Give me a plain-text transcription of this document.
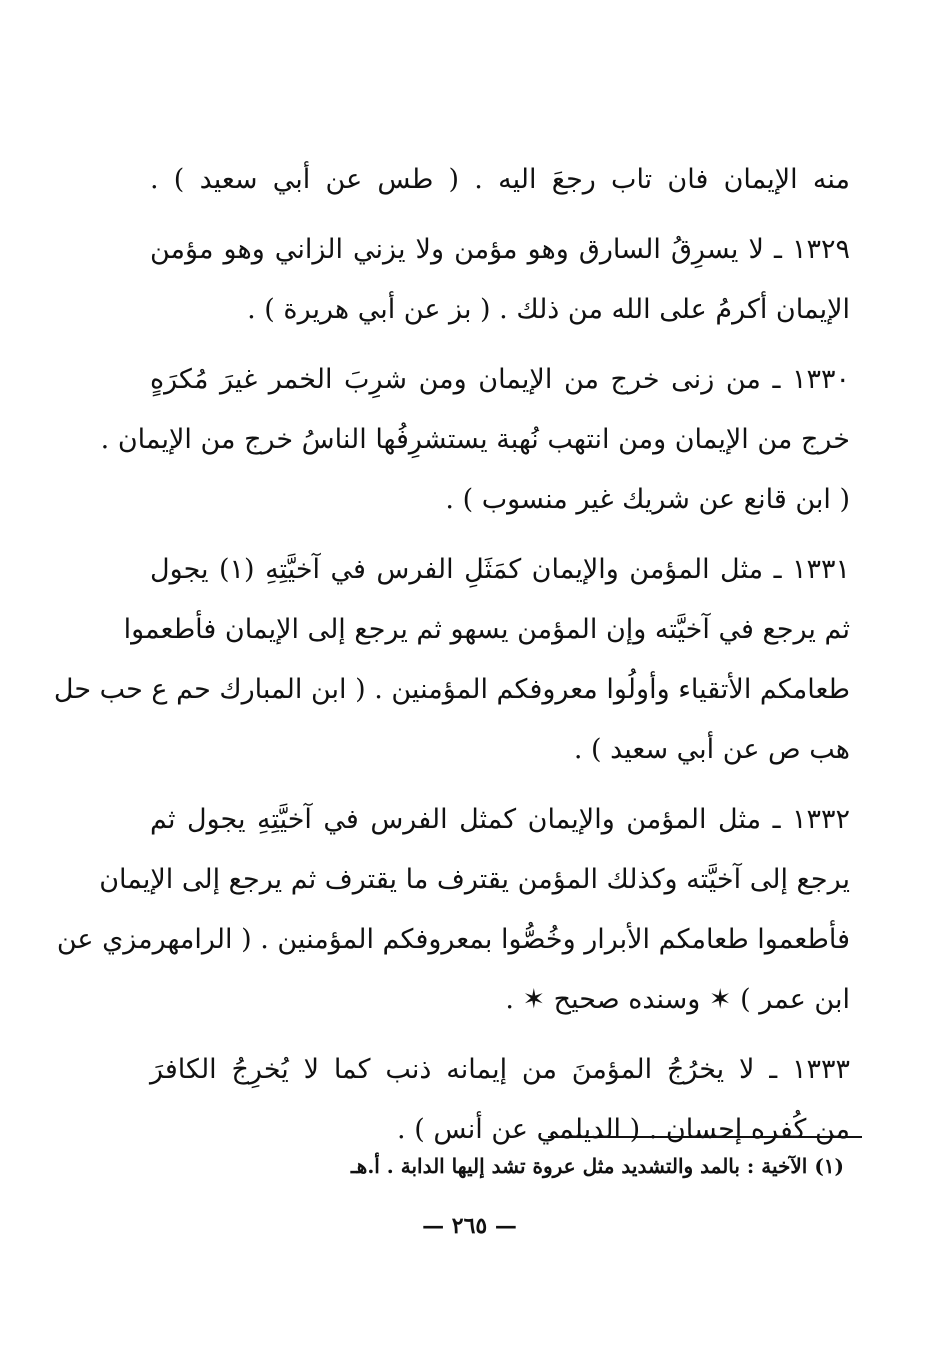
منه الإيمان فان تاب رجعَ اليه . ( طس عن أبي سعيد ) .
١٣٢٩ ـ لا يسرِقُ السارق وهو مؤمن ولا يزني الزاني وهو مؤمن
الإيمان أكرمُ على الله من ذلك . ( بز عن أبي هريرة ) .
١٣٣٠ ـ من زنى خرج من الإيمان ومن شرِبَ الخمر غيرَ مُكرَهٍ
خرج من الإيمان ومن انتهب نُهبة يستشرِفُها الناسُ خرج من الإيمان .
( ابن قانع عن شريك غير منسوب ) .
١٣٣١ ـ مثل المؤمن والإيمان كمَثَلِ الفرس في آخيَّتِهِ (١) يجول
ثم يرجع في آخيَّته وإن المؤمن يسهو ثم يرجع إلى الإيمان فأطعموا
طعامكم الأتقياء وأولُوا معروفكم المؤمنين . ( ابن المبارك حم ع حب حل
هب ص عن أبي سعيد ) .
١٣٣٢ ـ مثل المؤمن والإيمان كمثل الفرس في آخيَّتِهِ يجول ثم
يرجع إلى آخيَّته وكذلك المؤمن يقترف ما يقترف ثم يرجع إلى الإيمان
فأطعموا طعامكم الأبرار وخُصُّوا بمعروفكم المؤمنين . ( الرامهرمزي عن
ابن عمر ) ✶ وسنده صحيح ✶ .
١٣٣٣ ـ لا يخرُجُ المؤمنَ من إيمانه ذنب كما لا يُخرِجُ الكافرَ
من كُفره إحسان . ( الديلمي عن أنس ) .
(١) الآخية : بالمد والتشديد مثل عروة تشد إليها الدابة . أ.هـ
— ٢٦٥ —
